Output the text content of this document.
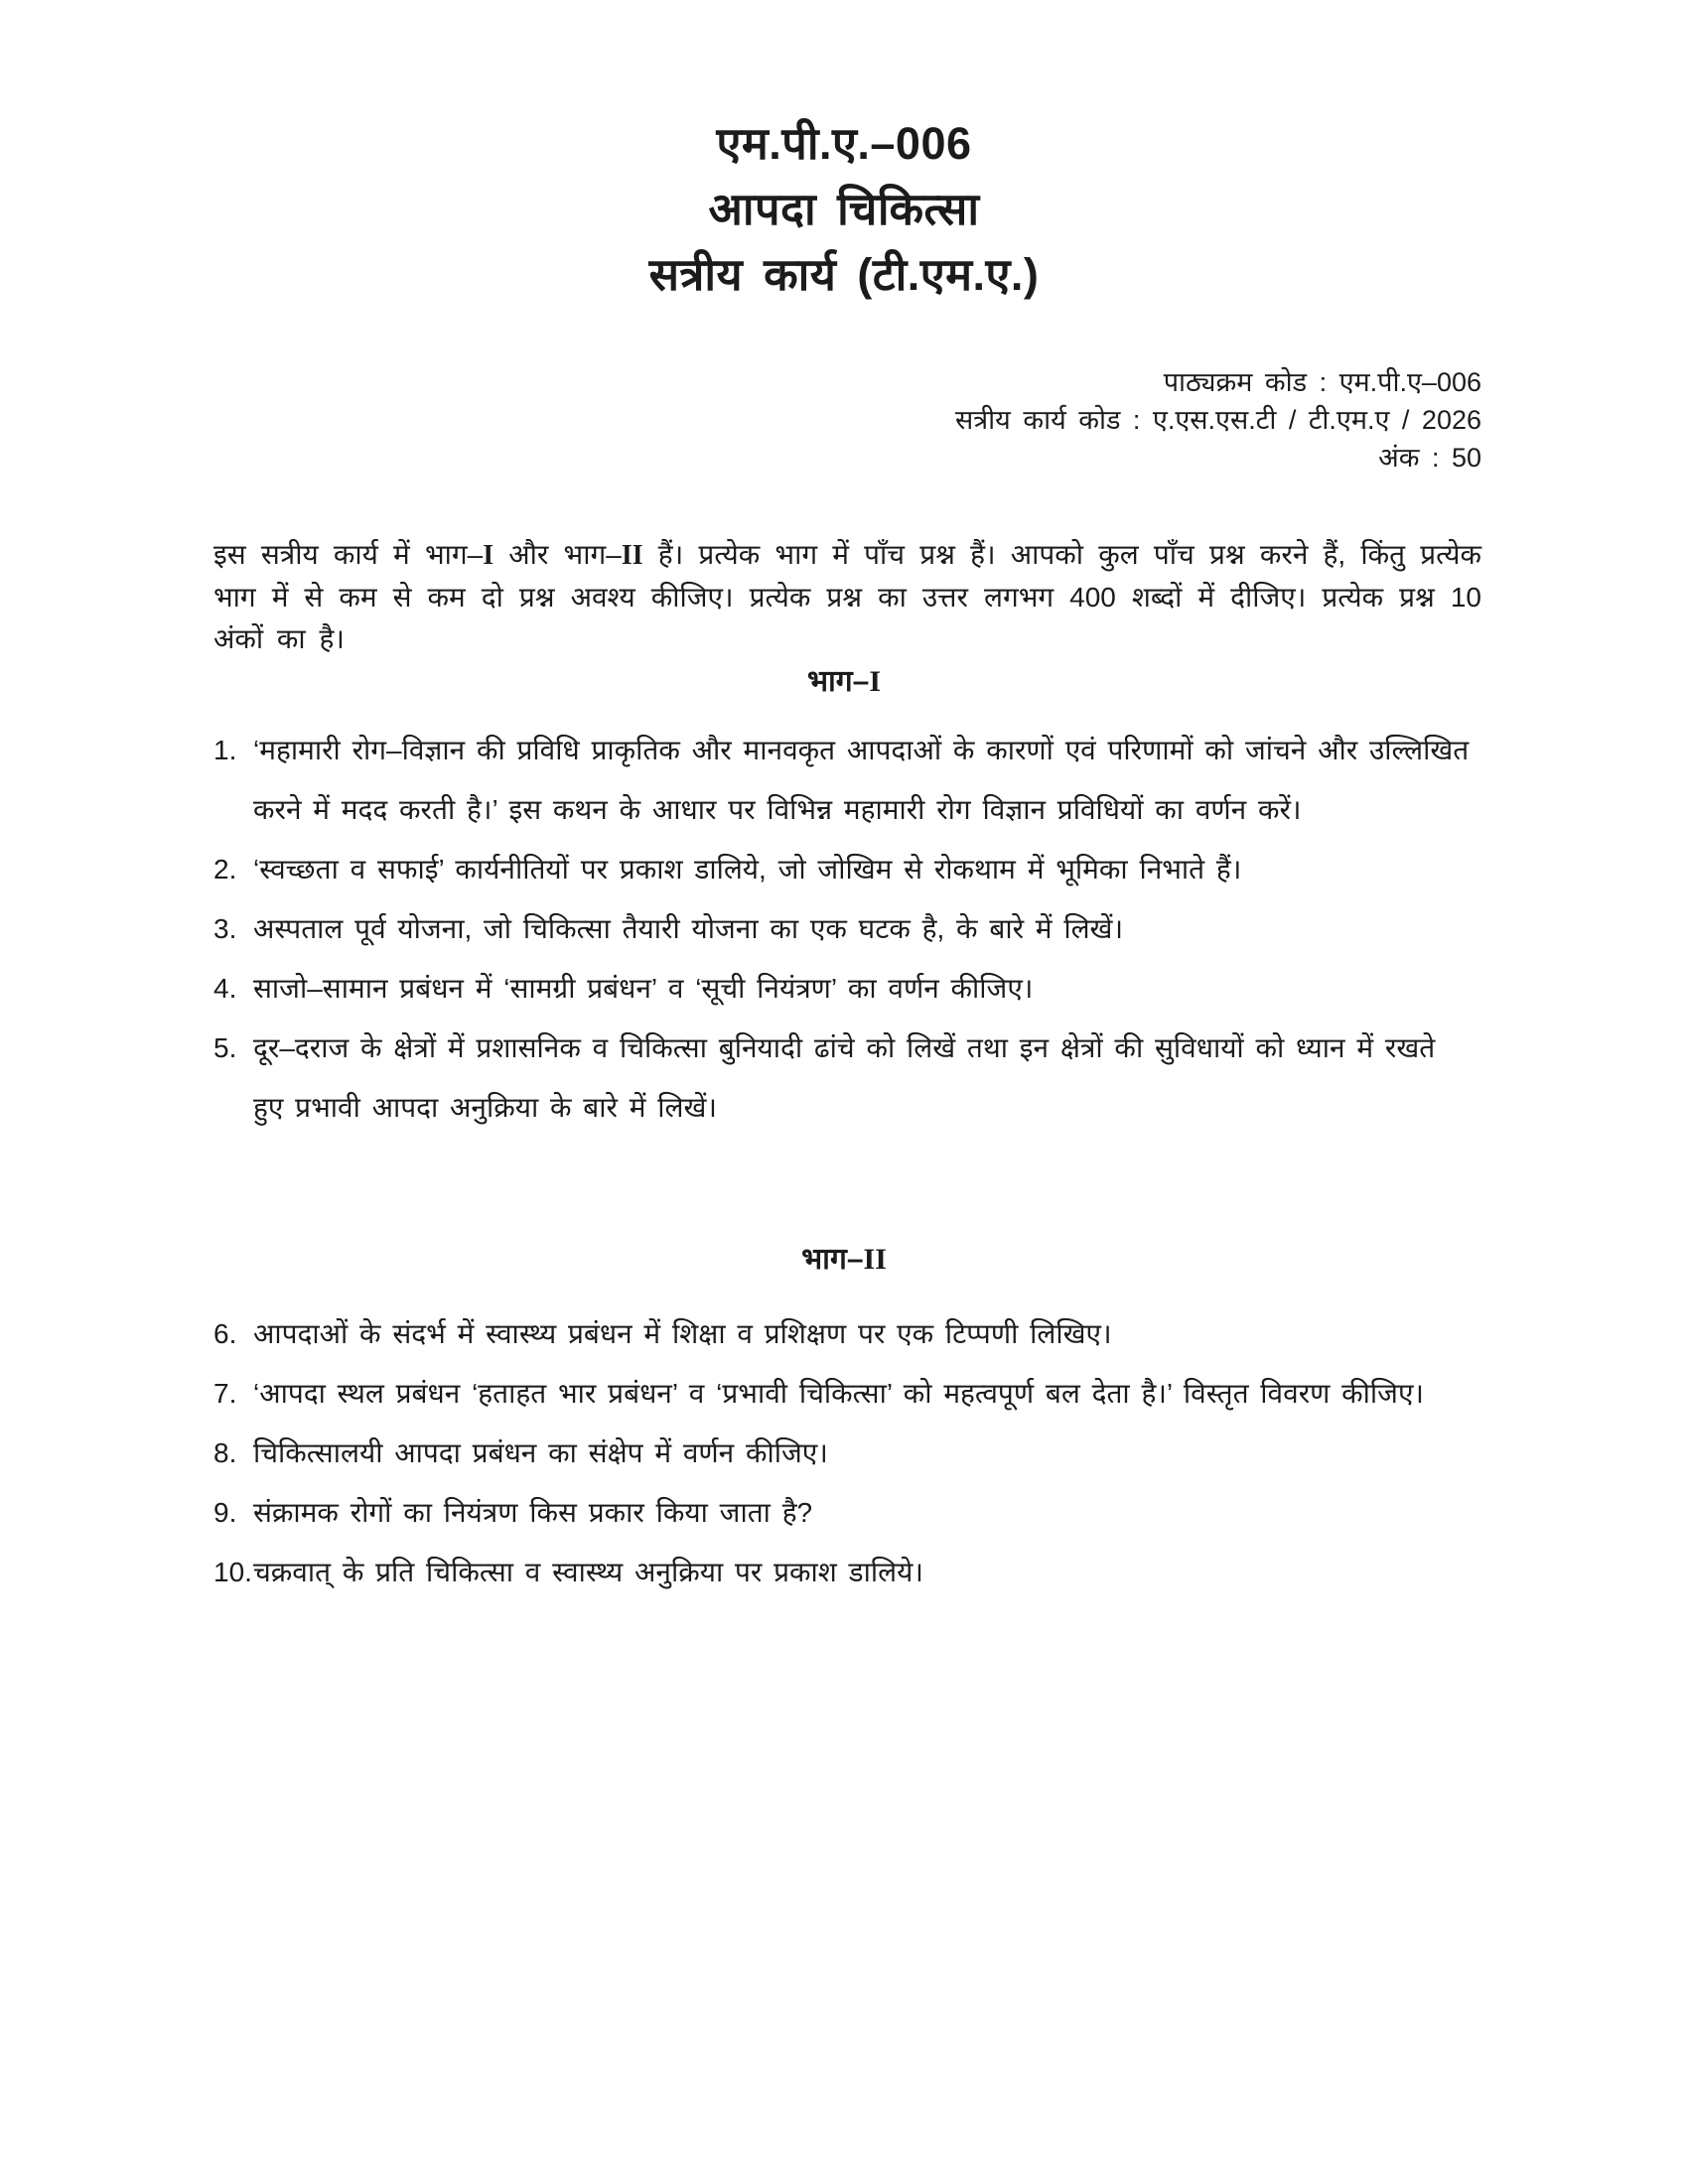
एम.पी.ए.–006
आपदा चिकित्सा
सत्रीय कार्य (टी.एम.ए.)
पाठ्यक्रम कोड : एम.पी.ए–006
सत्रीय कार्य कोड : ए.एस.एस.टी / टी.एम.ए / 2026
अंक : 50

इस सत्रीय कार्य में भाग–I और भाग–II हैं। प्रत्येक भाग में पाँच प्रश्न हैं। आपको कुल पाँच प्रश्न करने हैं, किंतु प्रत्येक भाग में से कम से कम दो प्रश्न अवश्य कीजिए। प्रत्येक प्रश्न का उत्तर लगभग 400 शब्दों में दीजिए। प्रत्येक प्रश्न 10 अंकों का है।

भाग–I
1. ‘महामारी रोग–विज्ञान की प्रविधि प्राकृतिक और मानवकृत आपदाओं के कारणों एवं परिणामों को जांचने और उल्लिखित करने में मदद करती है।’ इस कथन के आधार पर विभिन्न महामारी रोग विज्ञान प्रविधियों का वर्णन करें।
2. ‘स्वच्छता व सफाई’ कार्यनीतियों पर प्रकाश डालिये, जो जोखिम से रोकथाम में भूमिका निभाते हैं।
3. अस्पताल पूर्व योजना, जो चिकित्सा तैयारी योजना का एक घटक है, के बारे में लिखें।
4. साजो–सामान प्रबंधन में ‘सामग्री प्रबंधन’ व ‘सूची नियंत्रण’ का वर्णन कीजिए।
5. दूर–दराज के क्षेत्रों में प्रशासनिक व चिकित्सा बुनियादी ढांचे को लिखें तथा इन क्षेत्रों की सुविधायों को ध्यान में रखते हुए प्रभावी आपदा अनुक्रिया के बारे में लिखें।
भाग–II
6. आपदाओं के संदर्भ में स्वास्थ्य प्रबंधन में शिक्षा व प्रशिक्षण पर एक टिप्पणी लिखिए।
7. ‘आपदा स्थल प्रबंधन ‘हताहत भार प्रबंधन’ व ‘प्रभावी चिकित्सा’ को महत्वपूर्ण बल देता है।’ विस्तृत विवरण कीजिए।
8. चिकित्सालयी आपदा प्रबंधन का संक्षेप में वर्णन कीजिए।
9. संक्रामक रोगों का नियंत्रण किस प्रकार किया जाता है?
10. चक्रवात् के प्रति चिकित्सा व स्वास्थ्य अनुक्रिया पर प्रकाश डालिये।
